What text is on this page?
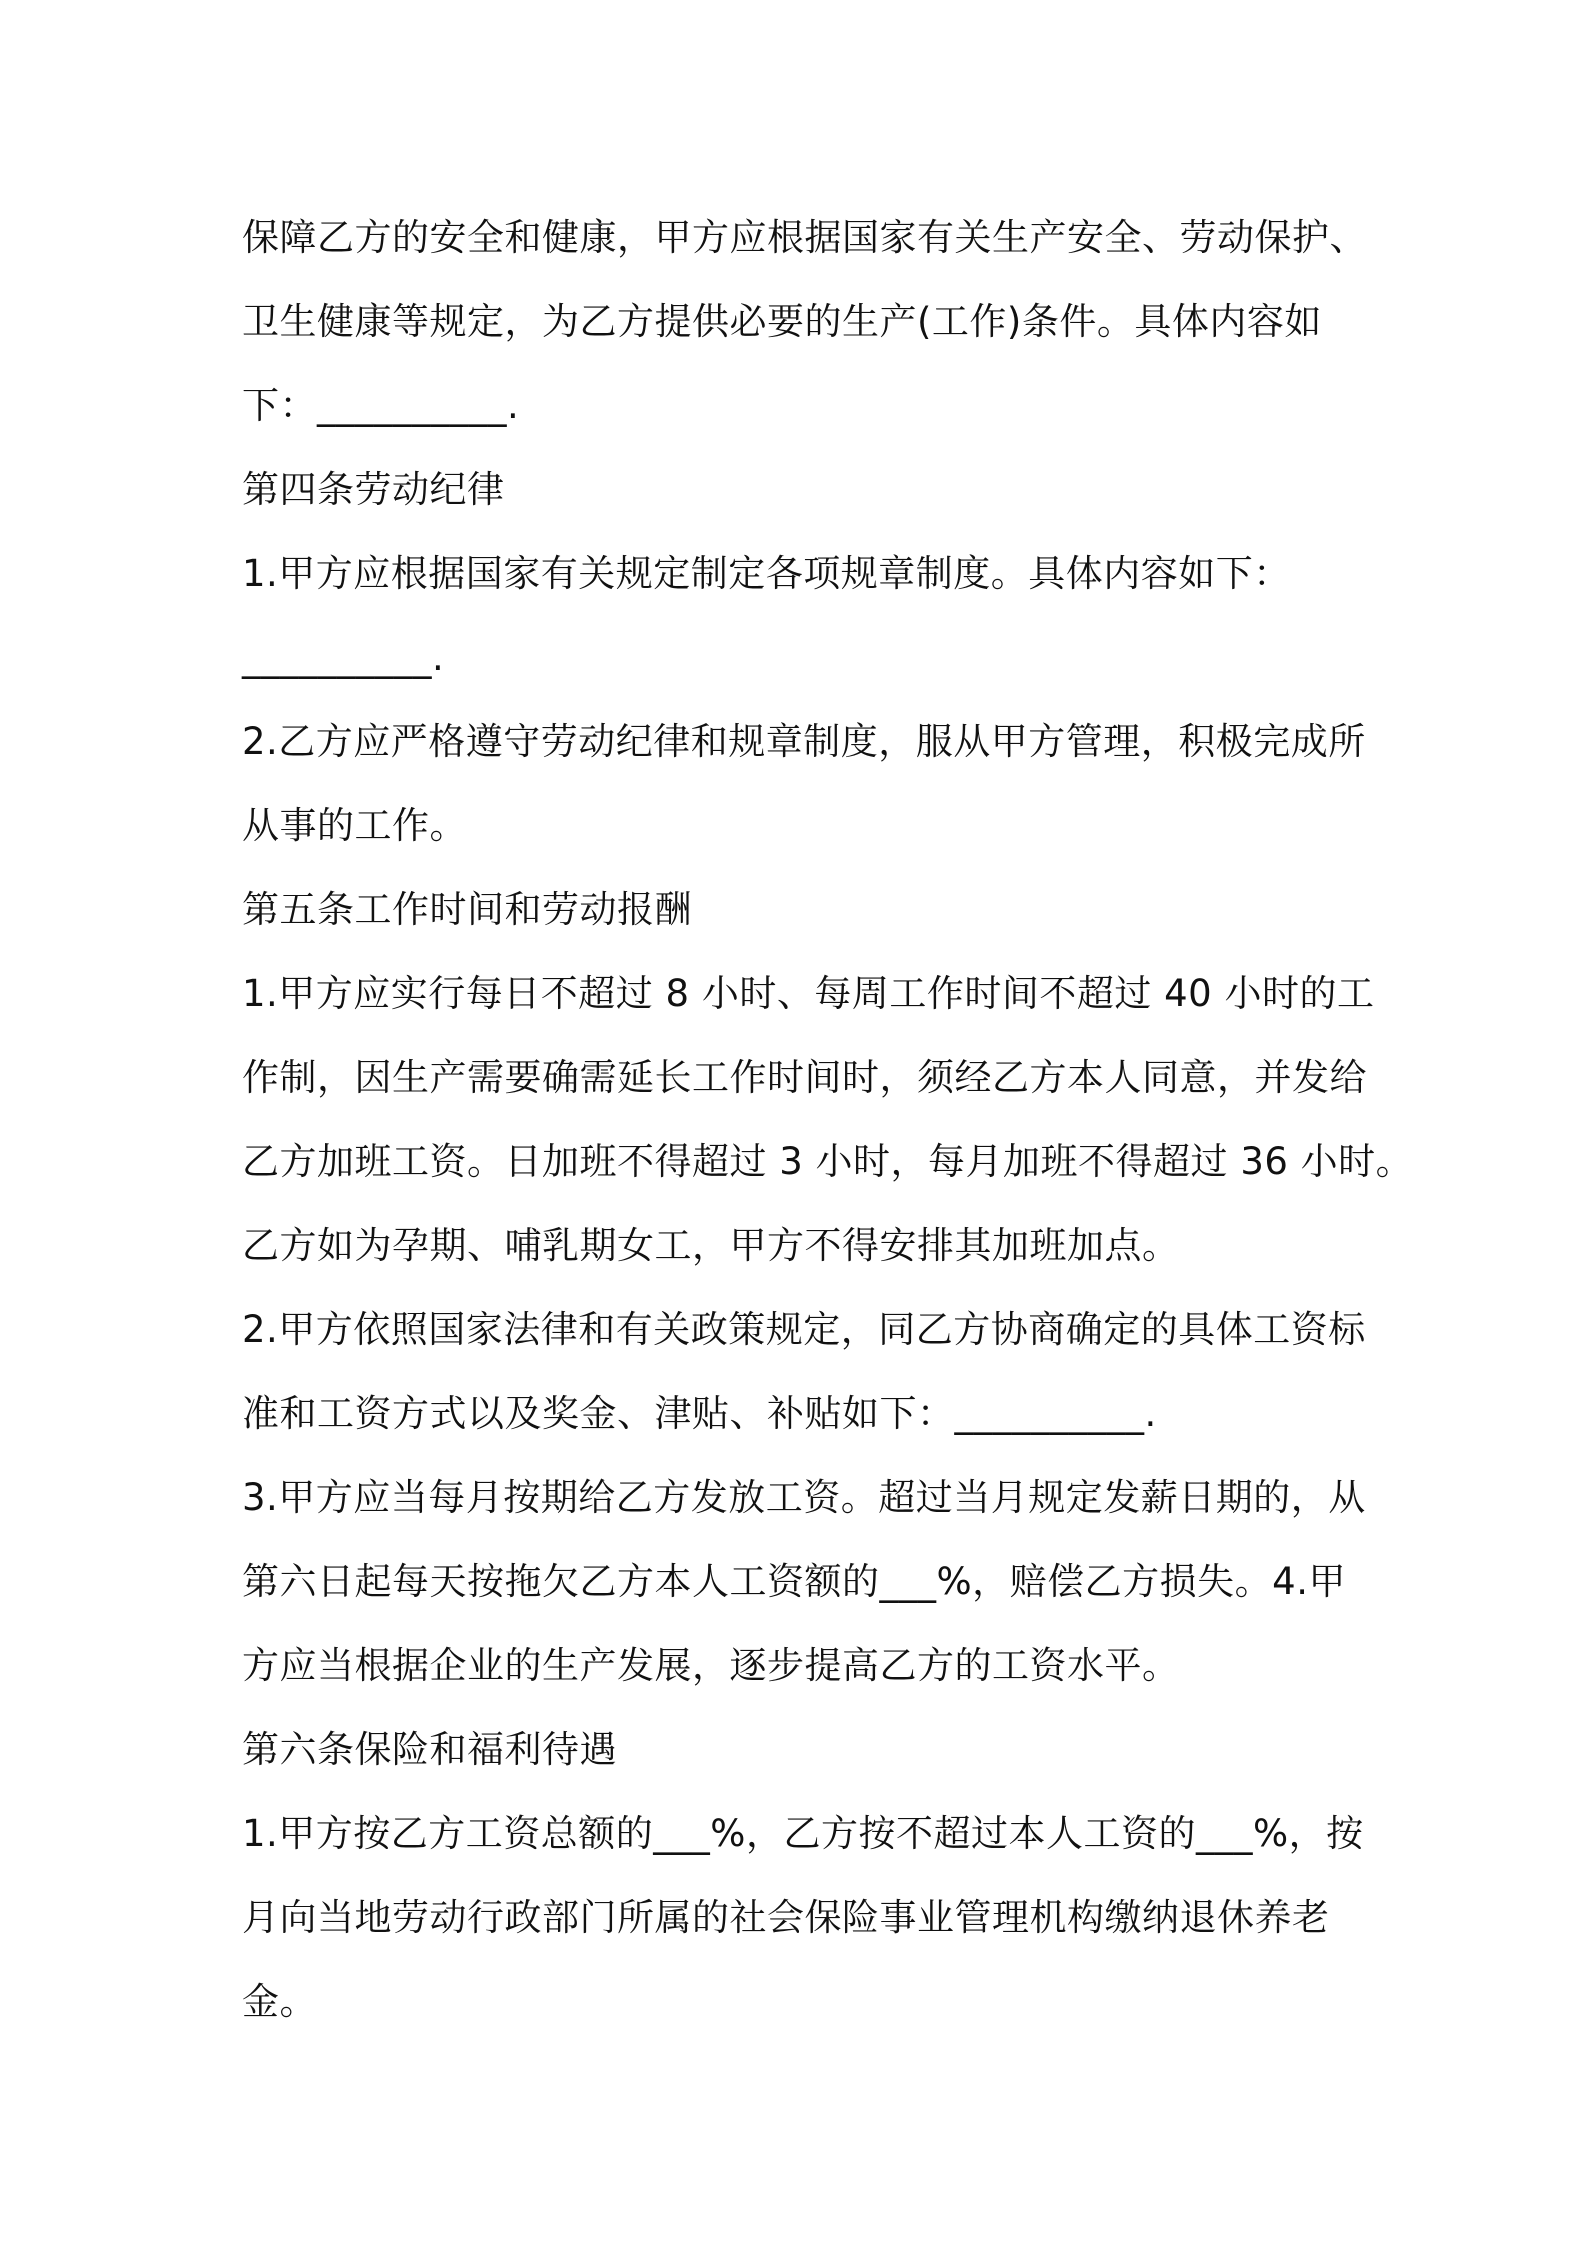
保障乙方的安全和健康，甲方应根据国家有关生产安全、劳动保护、
卫生健康等规定，为乙方提供必要的生产(工作)条件。具体内容如
下：__________.
第四条劳动纪律
1.甲方应根据国家有关规定制定各项规章制度。具体内容如下：
__________.
2.乙方应严格遵守劳动纪律和规章制度，服从甲方管理，积极完成所
从事的工作。
第五条工作时间和劳动报酬
1.甲方应实行每日不超过 8 小时、每周工作时间不超过 40 小时的工
作制，因生产需要确需延长工作时间时，须经乙方本人同意，并发给
乙方加班工资。日加班不得超过 3 小时，每月加班不得超过 36 小时。
乙方如为孕期、哺乳期女工，甲方不得安排其加班加点。
2.甲方依照国家法律和有关政策规定，同乙方协商确定的具体工资标
准和工资方式以及奖金、津贴、补贴如下：__________.
3.甲方应当每月按期给乙方发放工资。超过当月规定发薪日期的，从
第六日起每天按拖欠乙方本人工资额的___%，赔偿乙方损失。4.甲
方应当根据企业的生产发展，逐步提高乙方的工资水平。
第六条保险和福利待遇
1.甲方按乙方工资总额的___%，乙方按不超过本人工资的___%，按
月向当地劳动行政部门所属的社会保险事业管理机构缴纳退休养老
金。
